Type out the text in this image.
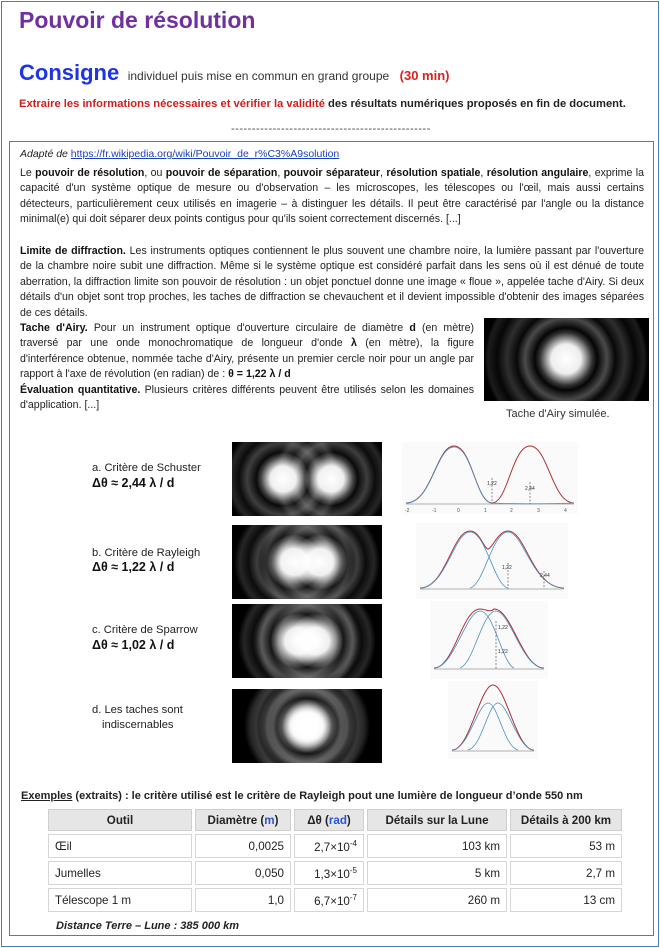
Pouvoir de résolution
Consigne individuel puis mise en commun en grand groupe (30 min)
Extraire les informations nécessaires et vérifier la validité des résultats numériques proposés en fin de document.
------------------------------------------------
Adapté de https://fr.wikipedia.org/wiki/Pouvoir_de_r%C3%A9solution
Le pouvoir de résolution, ou pouvoir de séparation, pouvoir séparateur, résolution spatiale, résolution angulaire, exprime la capacité d'un système optique de mesure ou d'observation – les microscopes, les télescopes ou l'œil, mais aussi certains détecteurs, particulièrement ceux utilisés en imagerie – à distinguer les détails. Il peut être caractérisé par l'angle ou la distance minimal(e) qui doit séparer deux points contigus pour qu'ils soient correctement discernés. [...]
Limite de diffraction. Les instruments optiques contiennent le plus souvent une chambre noire, la lumière passant par l'ouverture de la chambre noire subit une diffraction. Même si le système optique est considéré parfait dans les sens où il est dénué de toute aberration, la diffraction limite son pouvoir de résolution : un objet ponctuel donne une image « floue », appelée tache d'Airy. Si deux détails d'un objet sont trop proches, les taches de diffraction se chevauchent et il devient impossible d'obtenir des images séparées de ces détails.
Tache d'Airy. Pour un instrument optique d'ouverture circulaire de diamètre d (en mètre) traversé par une onde monochromatique de longueur d'onde λ (en mètre), la figure d'interférence obtenue, nommée tache d'Airy, présente un premier cercle noir pour un angle par rapport à l'axe de révolution (en radian) de : θ = 1,22 λ / d
Évaluation quantitative. Plusieurs critères différents peuvent être utilisés selon les domaines d'application. [...]
Tache d'Airy simulée.
a. Critère de Schuster
Δθ ≈ 2,44 λ / d
b. Critère de Rayleigh
Δθ ≈ 1,22 λ / d
c. Critère de Sparrow
Δθ ≈ 1,02 λ / d
d. Les taches sont
indiscernables
1,22
2,44
-2	-1	0	1	2	3	4
1,22
2,44
1,22
1,22
Exemples (extraits) : le critère utilisé est le critère de Rayleigh pout une lumière de longueur d’onde 550 nm
Outil	Diamètre (m)	Δθ (rad)	Détails sur la Lune	Détails à 200 km
Œil	0,0025	$2,7\times 10^{-4}$	103 km	53 m
Jumelles	0,050	$1,3\times 10^{-5}$	5 km	2,7 m
Télescope 1 m	1,0	$6,7\times 10^{-7}$	260 m	13 cm
Distance Terre – Lune : 385 000 km
